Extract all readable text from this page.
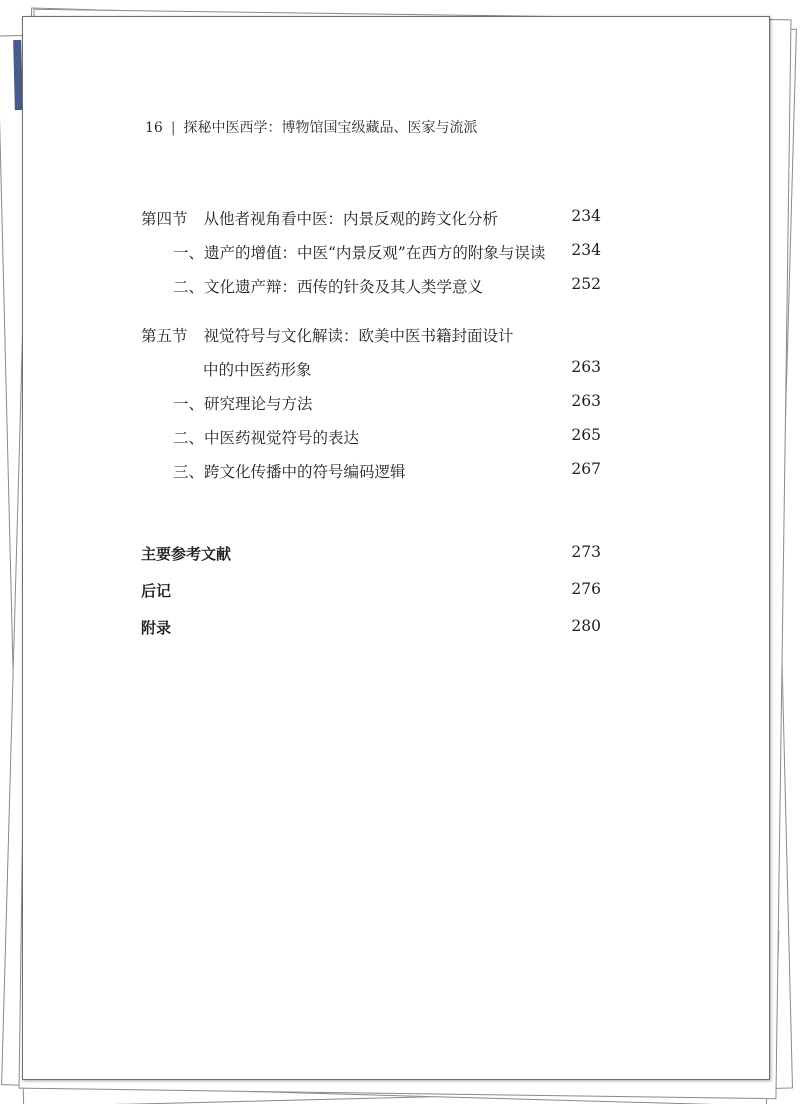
16 | 探秘中医西学：博物馆国宝级藏品、医家与流派
第四节 从他者视角看中医：内景反观的跨文化分析	234
一、遗产的增值：中医“内景反观”在西方的附象与误读 234
二、文化遗产辩：西传的针灸及其人类学意义	252
第五节 视觉符号与文化解读：欧美中医书籍封面设计
中的中医药形象	263
一、研究理论与方法	263
二、中医药视觉符号的表达	265
三、跨文化传播中的符号编码逻辑	267
主要参考文献	273
后记	276
附录	280
